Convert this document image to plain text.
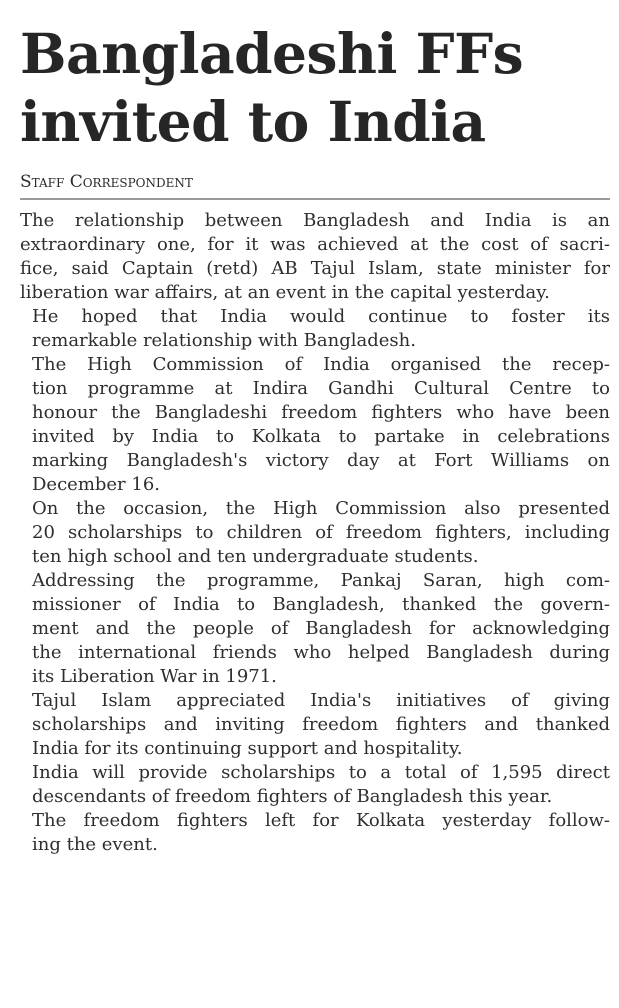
Bangladeshi FFs
invited to India
Staff Correspondent

The relationship between Bangladesh and India is an
extraordinary one, for it was achieved at the cost of sacri-
fice, said Captain (retd) AB Tajul Islam, state minister for
liberation war affairs, at an event in the capital yesterday.

He hoped that India would continue to foster its
remarkable relationship with Bangladesh.

The High Commission of India organised the recep-
tion programme at Indira Gandhi Cultural Centre to
honour the Bangladeshi freedom fighters who have been
invited by India to Kolkata to partake in celebrations
marking Bangladesh's victory day at Fort Williams on
December 16.

On the occasion, the High Commission also presented
20 scholarships to children of freedom fighters, including
ten high school and ten undergraduate students.

Addressing the programme, Pankaj Saran, high com-
missioner of India to Bangladesh, thanked the govern-
ment and the people of Bangladesh for acknowledging
the international friends who helped Bangladesh during
its Liberation War in 1971.

Tajul Islam appreciated India's initiatives of giving
scholarships and inviting freedom fighters and thanked
India for its continuing support and hospitality.

India will provide scholarships to a total of 1,595 direct
descendants of freedom fighters of Bangladesh this year.

The freedom fighters left for Kolkata yesterday follow-
ing the event.
